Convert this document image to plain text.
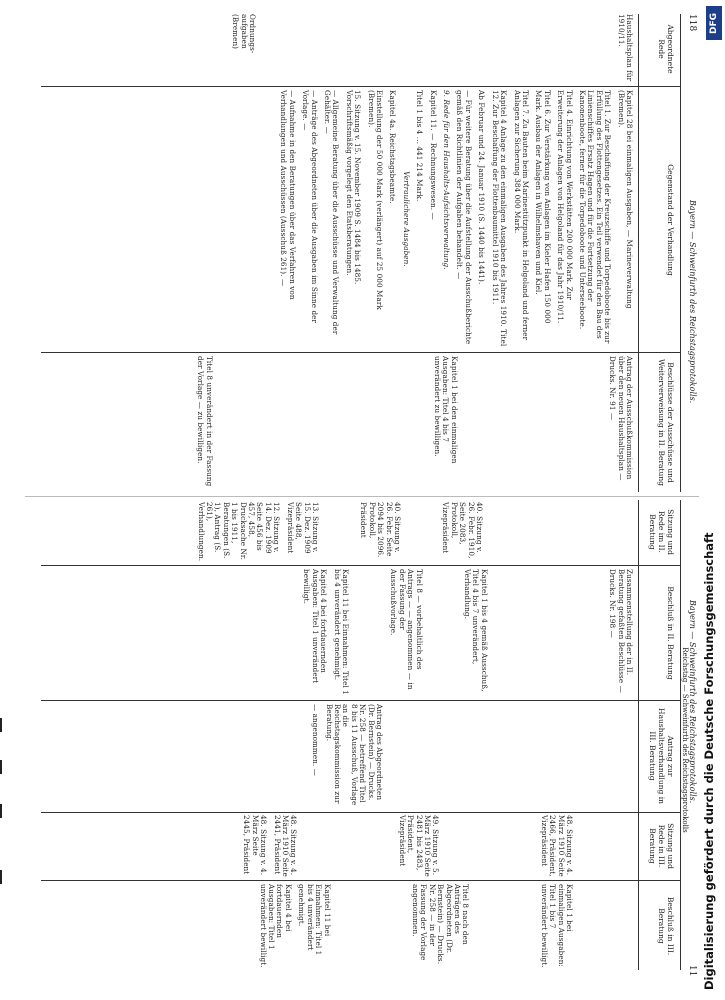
118
Bayern — Schweinfurth des Reichstagsprotokolls.
Bayern — Schweinfurth des Reichstagsprotokolls.
11
Abgeordnete Rede
Gegenstand der Verhandlung
Beschlüsse der Ausschüsse und Weiterverweisung in II. Beratung
Haushaltsplan für 1910/11.
Ordnungs-aufgaben (Bremen)
Kapitel 28 bei einmaligen Ausgaben, — Marineverwaltung (Bremen).
Titel 1. Zur Beschaffung der Kreuzschiffe und Torpedoboote bis zur Erfüllung des Flottengesetzes. Ein Teil verwendet für den Bau des Linienschiffes Ersatz Hagen und für die Fortsetzung der Kanonenboote, ferner für die Torpedoboote und Unterseeboote.
Titel 4. Einrichtung von Werkstätten 200 000 Mark. Zur Erweiterung der Anlagen von Helgoland für das Jahr 1910/11.
Titel 6. Zur Verstärkung von Anlagen im Kieler Hafen 150 000 Mark. Ausbau der Anlagen in Wilhelmshaven und Kiel.
Titel 7. Zu Bauten beim Marinestützpunkt in Helgoland und ferner Anlagen zur Sicherung 384 000 Mark.
Kapitel 4 Anlage zu den einmaligen Ausgaben des Jahres 1910. Titel 12. Zur Beschaffung der Flottenbaumittel 1910 bis 1911.
Ab Februar und 24. Januar 1910 (S. 1440 bis 1441).
— Für weitere Beratung über die Aufstellung der Ausschußberichte gemäß den Richtlinien der Aufgaben behandelt. —
9. Rede für den Haushalts-Aufsichtsverwaltung.
Kapitel 11. — Rechnungswesen. —
Titel 1 bis 4 ... 441 214 Mark.
Vertraulichere Ausgaben.
Kapitel 4a. Reichstagsbeamte.
Einstellung der 50 000 Mark (verlängert) auf 25 000 Mark (Bremen).
15. Sitzung v. 15. November 1909 S. 1484 bis 1485. Vorschriftsmäßig vorgelegt den Etatsberatungen.
— Allgemeine Beratung über die Ausschüsse und Verwaltung der Gehälter. —
— Anträge des Abgeordneten über die Ausgaben im Sinne der Vorlage. —
— Aufnahme in den Beratungen über das Verfahren von Verhandlungen und Ausschüssen (Ausschuß 261). —
Antrag der Ausschußkommission über den neuen Haushaltsplan — Drucks. Nr. 91 —
Kapitel 1 bei den einmaligen Ausgaben: Titel 4 bis 7 unverändert zu bewilligen.
Titel 8 unverändert in der Fassung der Vorlage — zu bewilligen.
Reichstag — Schweinfurth des Reichstagsprotokolls
Sitzung und Rede im II. Beratung
Beschluß in II. Beratung
Antrag zur Haushaltsverhandlung in III. Beratung
Sitzung und Rede in III. Beratung
Beschluß in III. Beratung
40. Sitzung v. 26. Febr. 1910, Seite 2083, Protokoll, Vizepräsident
40. Sitzung v. 26. Febr. Seite 2094 bis 2096. Protokoll, Präsident
13. Sitzung v. 15. Dez. 1909 Seite 488, Vizepräsident
12. Sitzung v. 14. Dez. 1909 Seite 456 bis 457, 458, Drucksache Nr. 1 bis 1911, Beratungen (S. 1), Antrag (S. 261), Verhandlungen.
Zusammenstellung der in II. Beratung gefaßten Beschlüsse — Drucks. Nr. 198 —
Kapitel 1 bis 4 gemäß Ausschuß, Titel 4 bis 7 unverändert, Verhandlung.
Titel 8 — vorbehaltlich des Antrags — — angenommen — in der Fassung der Ausschußvorlage.
Kapitel 11 bei Einnahmen: Titel 1 bis 4 unverändert genehmigt.
Kapitel 4 bei fortdauernden Ausgaben: Titel 1 unverändert bewilligt.
Antrag des Abgeordneten (Dr. Bernstein) — Drucks. Nr. 258 — betreffend Titel 8 bis 11 Ausschuß, Vorlage an die Reichstagskommission zur Beratung.
— angenommen. —
48. Sitzung v. 4. März 1910 Seite 2466, Präsident, Vizepräsident
49. Sitzung v. 5. März 1910 Seite 2481 bis 2483, Präsident, Vizepräsident
48. Sitzung v. 4. März 1910 Seite 2441, Präsident
48. Sitzung v. 4. März Seite 2445, Präsident
Kapitel 1 bei einmaligen Ausgaben: Titel 1 bis 7 unverändert bewilligt.
Titel 8 nach den Anträgen des Abgeordneten (Dr. Bernstein) — Drucks. Nr. 258 — in der Fassung der Vorlage angenommen.
Kapitel 11 bei Einnahmen: Titel 1 bis 4 unverändert genehmigt.
Kapitel 4 bei fortdauernden Ausgaben: Titel 1 unverändert bewilligt.	Digitalisierung gefördert durch die Deutsche Forschungsgemeinschaft
DFG
